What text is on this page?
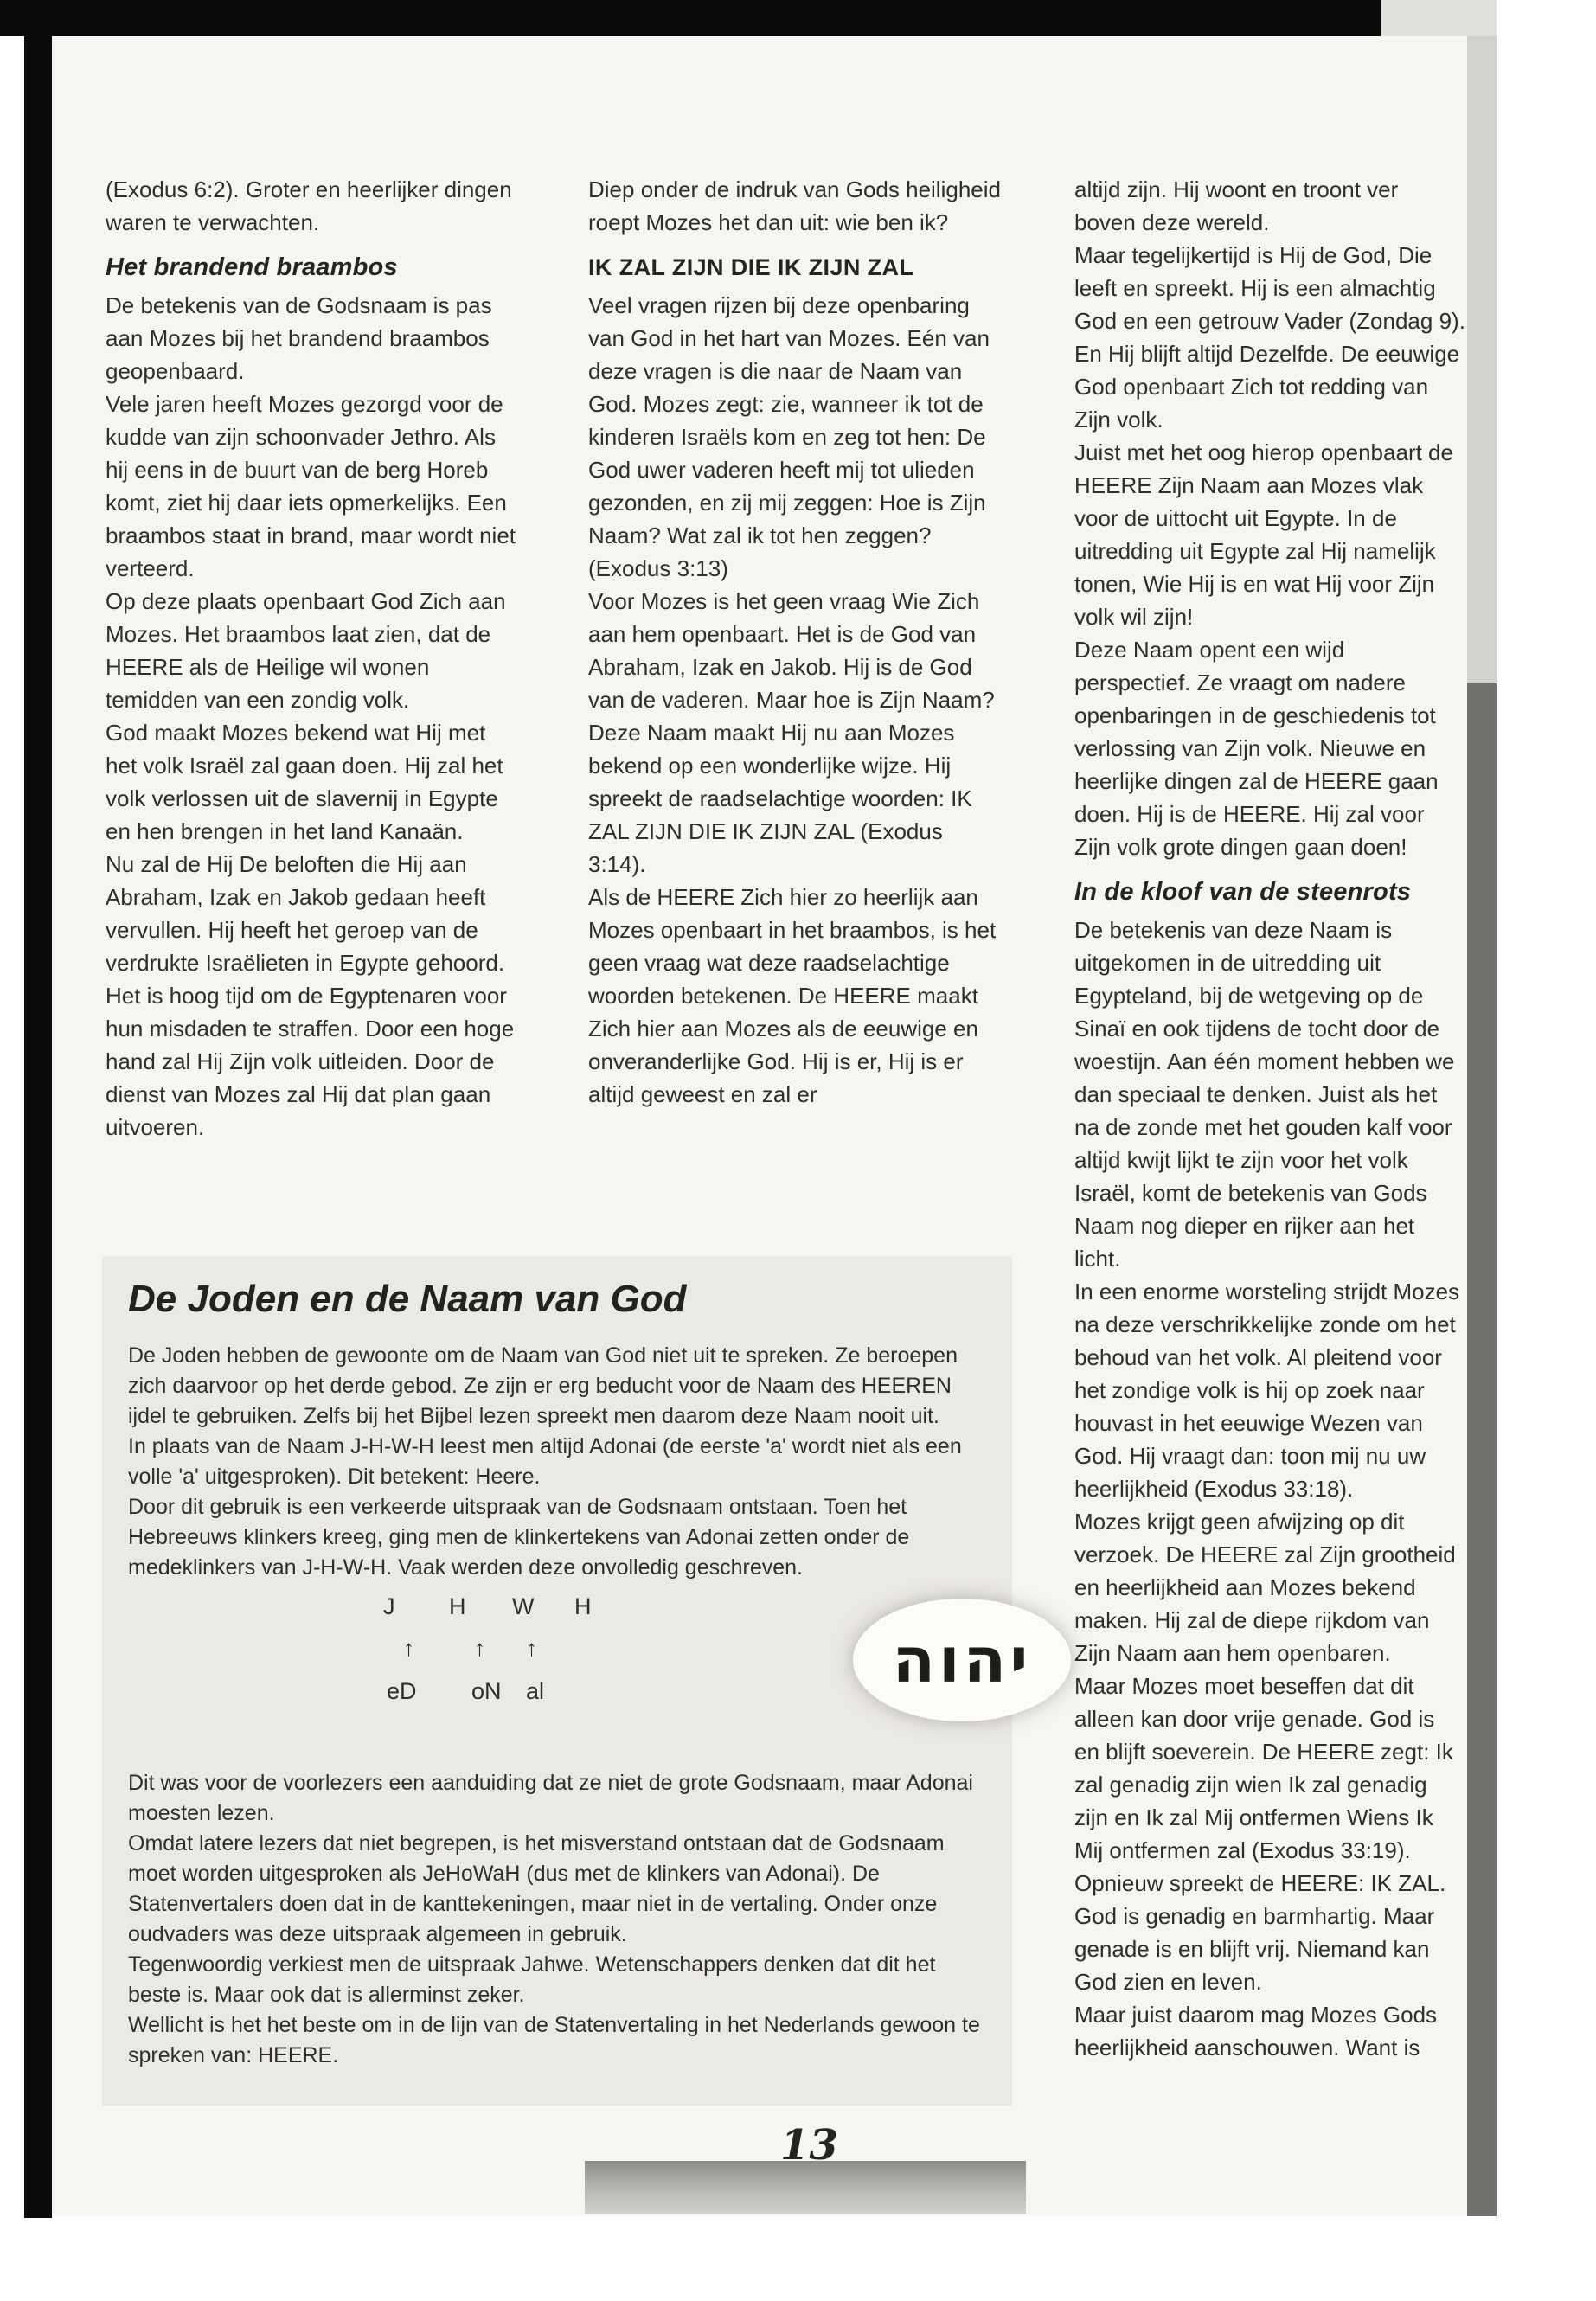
(Exodus 6:2). Groter en heerlijker dingen waren te verwachten.

Het brandend braambos

De betekenis van de Godsnaam is pas aan Mozes bij het brandend braambos geopenbaard.

Vele jaren heeft Mozes gezorgd voor de kudde van zijn schoonvader Jethro. Als hij eens in de buurt van de berg Horeb komt, ziet hij daar iets opmerkelijks. Een braambos staat in brand, maar wordt niet verteerd.

Op deze plaats openbaart God Zich aan Mozes. Het braambos laat zien, dat de HEERE als de Heilige wil wonen temidden van een zondig volk.

God maakt Mozes bekend wat Hij met het volk Israël zal gaan doen. Hij zal het volk verlossen uit de slavernij in Egypte en hen brengen in het land Kanaän.

Nu zal de Hij De beloften die Hij aan Abraham, Izak en Jakob gedaan heeft vervullen. Hij heeft het geroep van de verdrukte Israëlieten in Egypte gehoord.

Het is hoog tijd om de Egyptenaren voor hun misdaden te straffen. Door een hoge hand zal Hij Zijn volk uitleiden. Door de dienst van Mozes zal Hij dat plan gaan uitvoeren.

Diep onder de indruk van Gods heiligheid roept Mozes het dan uit: wie ben ik?

IK ZAL ZIJN DIE IK ZIJN ZAL

Veel vragen rijzen bij deze openbaring van God in het hart van Mozes. Eén van deze vragen is die naar de Naam van God. Mozes zegt: zie, wanneer ik tot de kinderen Israëls kom en zeg tot hen: De God uwer vaderen heeft mij tot ulieden gezonden, en zij mij zeggen: Hoe is Zijn Naam? Wat zal ik tot hen zeggen? (Exodus 3:13)

Voor Mozes is het geen vraag Wie Zich aan hem openbaart. Het is de God van Abraham, Izak en Jakob. Hij is de God van de vaderen. Maar hoe is Zijn Naam?

Deze Naam maakt Hij nu aan Mozes bekend op een wonderlijke wijze. Hij spreekt de raadselachtige woorden: IK ZAL ZIJN DIE IK ZIJN ZAL (Exodus 3:14).

Als de HEERE Zich hier zo heerlijk aan Mozes openbaart in het braambos, is het geen vraag wat deze raadselachtige woorden betekenen. De HEERE maakt Zich hier aan Mozes als de eeuwige en onveranderlijke God. Hij is er, Hij is er altijd geweest en zal er

altijd zijn. Hij woont en troont ver boven deze wereld.

Maar tegelijkertijd is Hij de God, Die leeft en spreekt. Hij is een almachtig God en een getrouw Vader (Zondag 9). En Hij blijft altijd Dezelfde. De eeuwige God openbaart Zich tot redding van Zijn volk.

Juist met het oog hierop openbaart de HEERE Zijn Naam aan Mozes vlak voor de uittocht uit Egypte. In de uitredding uit Egypte zal Hij namelijk tonen, Wie Hij is en wat Hij voor Zijn volk wil zijn!

Deze Naam opent een wijd perspectief. Ze vraagt om nadere openbaringen in de geschiedenis tot verlossing van Zijn volk. Nieuwe en heerlijke dingen zal de HEERE gaan doen. Hij is de HEERE. Hij zal voor Zijn volk grote dingen gaan doen!

In de kloof van de steenrots

De betekenis van deze Naam is uitgekomen in de uitredding uit Egypteland, bij de wetgeving op de Sinaï en ook tijdens de tocht door de woestijn. Aan één moment hebben we dan speciaal te denken. Juist als het na de zonde met het gouden kalf voor altijd kwijt lijkt te zijn voor het volk Israël, komt de betekenis van Gods Naam nog dieper en rijker aan het licht.

In een enorme worsteling strijdt Mozes na deze verschrikkelijke zonde om het behoud van het volk. Al pleitend voor het zondige volk is hij op zoek naar houvast in het eeuwige Wezen van God. Hij vraagt dan: toon mij nu uw heerlijkheid (Exodus 33:18).

Mozes krijgt geen afwijzing op dit verzoek. De HEERE zal Zijn grootheid en heerlijkheid aan Mozes bekend maken. Hij zal de diepe rijkdom van Zijn Naam aan hem openbaren.

Maar Mozes moet beseffen dat dit alleen kan door vrije genade. God is en blijft soeverein. De HEERE zegt: Ik zal genadig zijn wien Ik zal genadig zijn en Ik zal Mij ontfermen Wiens Ik Mij ontfermen zal (Exodus 33:19).

Opnieuw spreekt de HEERE: IK ZAL. God is genadig en barmhartig. Maar genade is en blijft vrij. Niemand kan God zien en leven.

Maar juist daarom mag Mozes Gods heerlijkheid aanschouwen. Want is

De Joden en de Naam van God

De Joden hebben de gewoonte om de Naam van God niet uit te spreken. Ze beroepen zich daarvoor op het derde gebod. Ze zijn er erg beducht voor de Naam des HEEREN ijdel te gebruiken. Zelfs bij het Bijbel lezen spreekt men daarom deze Naam nooit uit.

In plaats van de Naam J-H-W-H leest men altijd Adonai (de eerste 'a' wordt niet als een volle 'a' uitgesproken). Dit betekent: Heere.

Door dit gebruik is een verkeerde uitspraak van de Godsnaam ontstaan. Toen het Hebreeuws klinkers kreeg, ging men de klinkertekens van Adonai zetten onder de medeklinkers van J-H-W-H. Vaak werden deze onvolledig geschreven.

J H W H
↑	↑ ↑
eD oN al	יהוה

Dit was voor de voorlezers een aanduiding dat ze niet de grote Godsnaam, maar Adonai moesten lezen.

Omdat latere lezers dat niet begrepen, is het misverstand ontstaan dat de Godsnaam moet worden uitgesproken als JeHoWaH (dus met de klinkers van Adonai). De Statenvertalers doen dat in de kanttekeningen, maar niet in de vertaling. Onder onze oudvaders was deze uitspraak algemeen in gebruik.

Tegenwoordig verkiest men de uitspraak Jahwe. Wetenschappers denken dat dit het beste is. Maar ook dat is allerminst zeker.

Wellicht is het het beste om in de lijn van de Statenvertaling in het Nederlands gewoon te spreken van: HEERE.

13
